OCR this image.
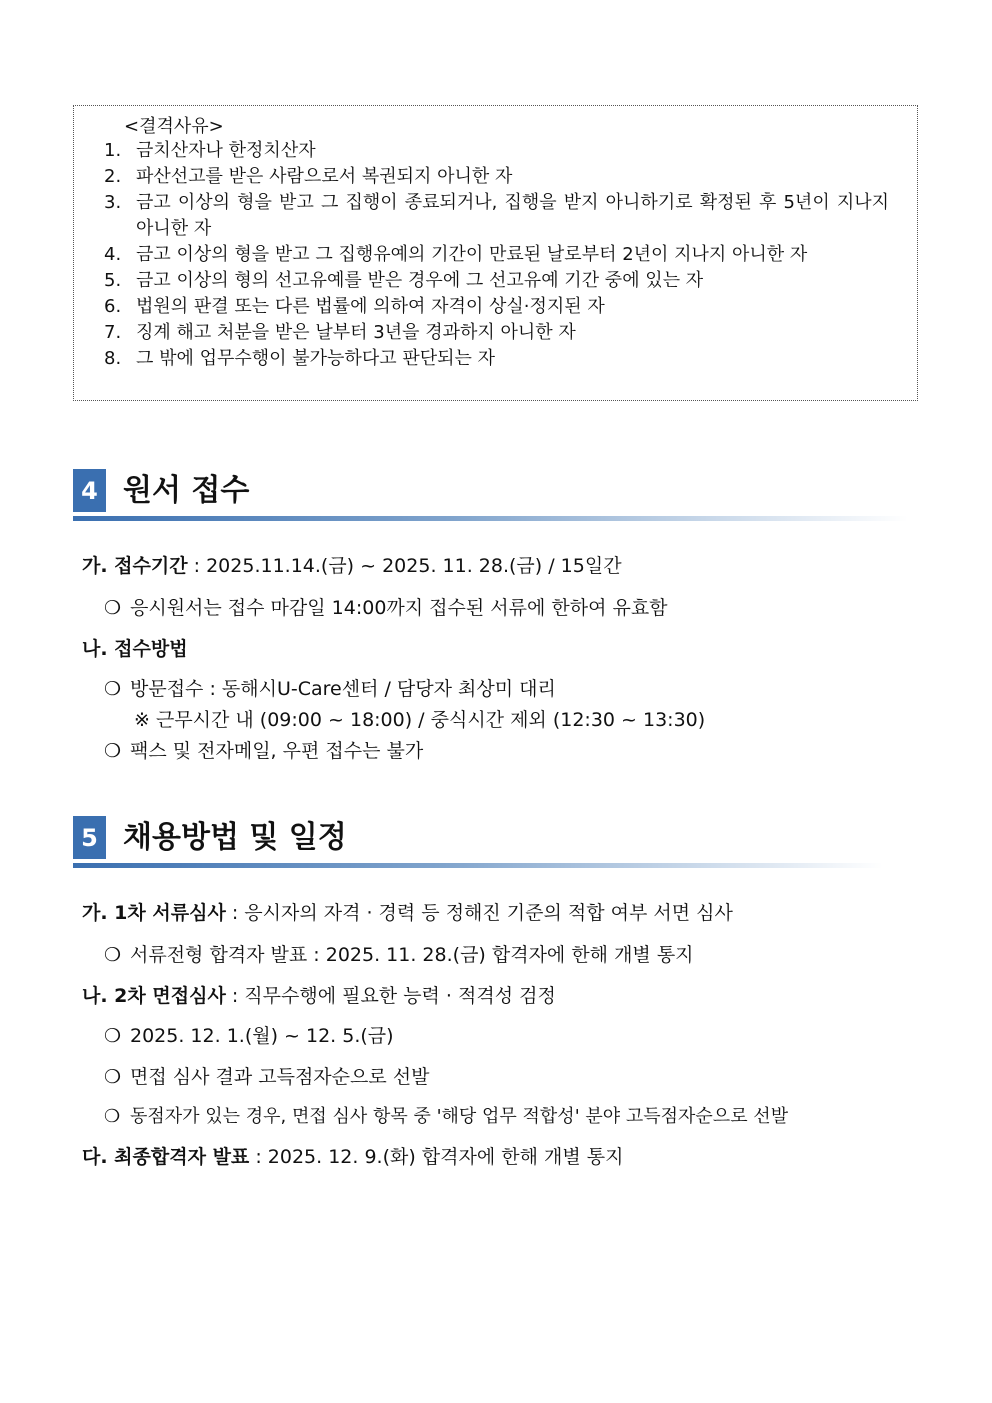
<결격사유>
1. 금치산자나 한정치산자
2. 파산선고를 받은 사람으로서 복권되지 아니한 자
3. 금고 이상의 형을 받고 그 집행이 종료되거나, 집행을 받지 아니하기로 확정된 후 5년이 지나지 아니한 자
4. 금고 이상의 형을 받고 그 집행유예의 기간이 만료된 날로부터 2년이 지나지 아니한 자
5. 금고 이상의 형의 선고유예를 받은 경우에 그 선고유예 기간 중에 있는 자
6. 법원의 판결 또는 다른 법률에 의하여 자격이 상실·정지된 자
7. 징계 해고 처분을 받은 날부터 3년을 경과하지 아니한 자
8. 그 밖에 업무수행이 불가능하다고 판단되는 자
4 원서 접수
가. 접수기간 : 2025.11.14.(금) ~ 2025. 11. 28.(금) / 15일간
❍ 응시원서는 접수 마감일 14:00까지 접수된 서류에 한하여 유효함
나. 접수방법
❍ 방문접수 : 동해시U-Care센터 / 담당자 최상미 대리
※ 근무시간 내 (09:00 ~ 18:00) / 중식시간 제외 (12:30 ~ 13:30)
❍ 팩스 및 전자메일, 우편 접수는 불가
5 채용방법 및 일정
가. 1차 서류심사 : 응시자의 자격 · 경력 등 정해진 기준의 적합 여부 서면 심사
❍ 서류전형 합격자 발표 : 2025. 11. 28.(금) 합격자에 한해 개별 통지
나. 2차 면접심사 : 직무수행에 필요한 능력 · 적격성 검정
❍ 2025. 12. 1.(월) ~ 12. 5.(금)
❍ 면접 심사 결과 고득점자순으로 선발
❍ 동점자가 있는 경우, 면접 심사 항목 중 '해당 업무 적합성' 분야 고득점자순으로 선발
다. 최종합격자 발표 : 2025. 12. 9.(화) 합격자에 한해 개별 통지
